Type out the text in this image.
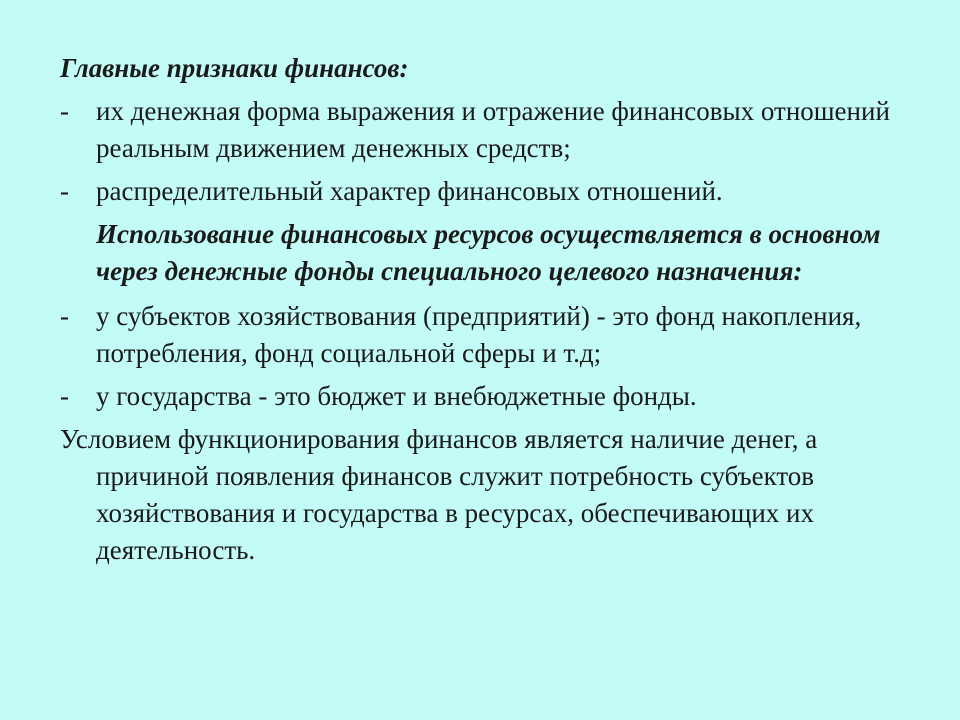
Главные признаки финансов:

- их денежная форма выражения и отражение финансовых отношений реальным движением денежных средств;
- распределительный характер финансовых отношений.

Использование финансовых ресурсов осуществляется в основном через денежные фонды специального целевого назначения:

- у субъектов хозяйствования (предприятий) - это фонд накопления, потребления, фонд социальной сферы и т.д;
- у государства - это бюджет и внебюджетные фонды.

Условием функционирования финансов является наличие денег, а причиной появления финансов служит потребность субъектов хозяйствования и государства в ресурсах, обеспечивающих их деятельность.
